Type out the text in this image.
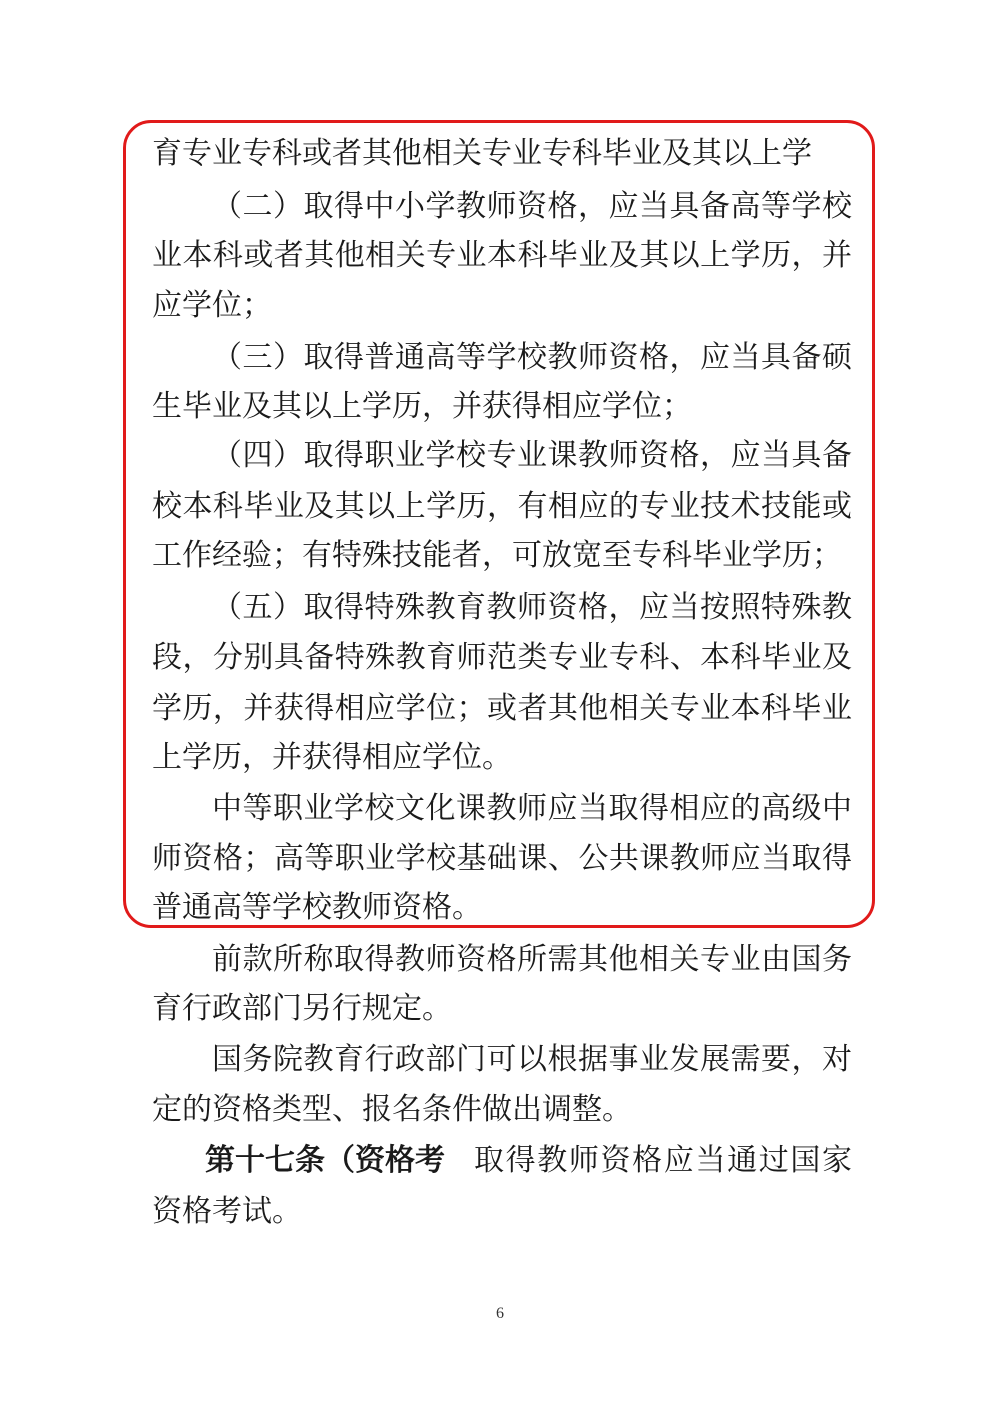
育专业专科或者其他相关专业专科毕业及其以上学
（二）取得中小学教师资格，应当具备高等学校
业本科或者其他相关专业本科毕业及其以上学历，并
应学位；
（三）取得普通高等学校教师资格，应当具备硕
生毕业及其以上学历，并获得相应学位；
（四）取得职业学校专业课教师资格，应当具备
校本科毕业及其以上学历，有相应的专业技术技能或
工作经验；有特殊技能者，可放宽至专科毕业学历；
（五）取得特殊教育教师资格，应当按照特殊教
段，分别具备特殊教育师范类专业专科、本科毕业及
学历，并获得相应学位；或者其他相关专业本科毕业
上学历，并获得相应学位。
中等职业学校文化课教师应当取得相应的高级中
师资格；高等职业学校基础课、公共课教师应当取得
普通高等学校教师资格。
前款所称取得教师资格所需其他相关专业由国务
育行政部门另行规定。
国务院教育行政部门可以根据事业发展需要，对
定的资格类型、报名条件做出调整。
第十七条（资格考 取得教师资格应当通过国家
资格考试。
6
